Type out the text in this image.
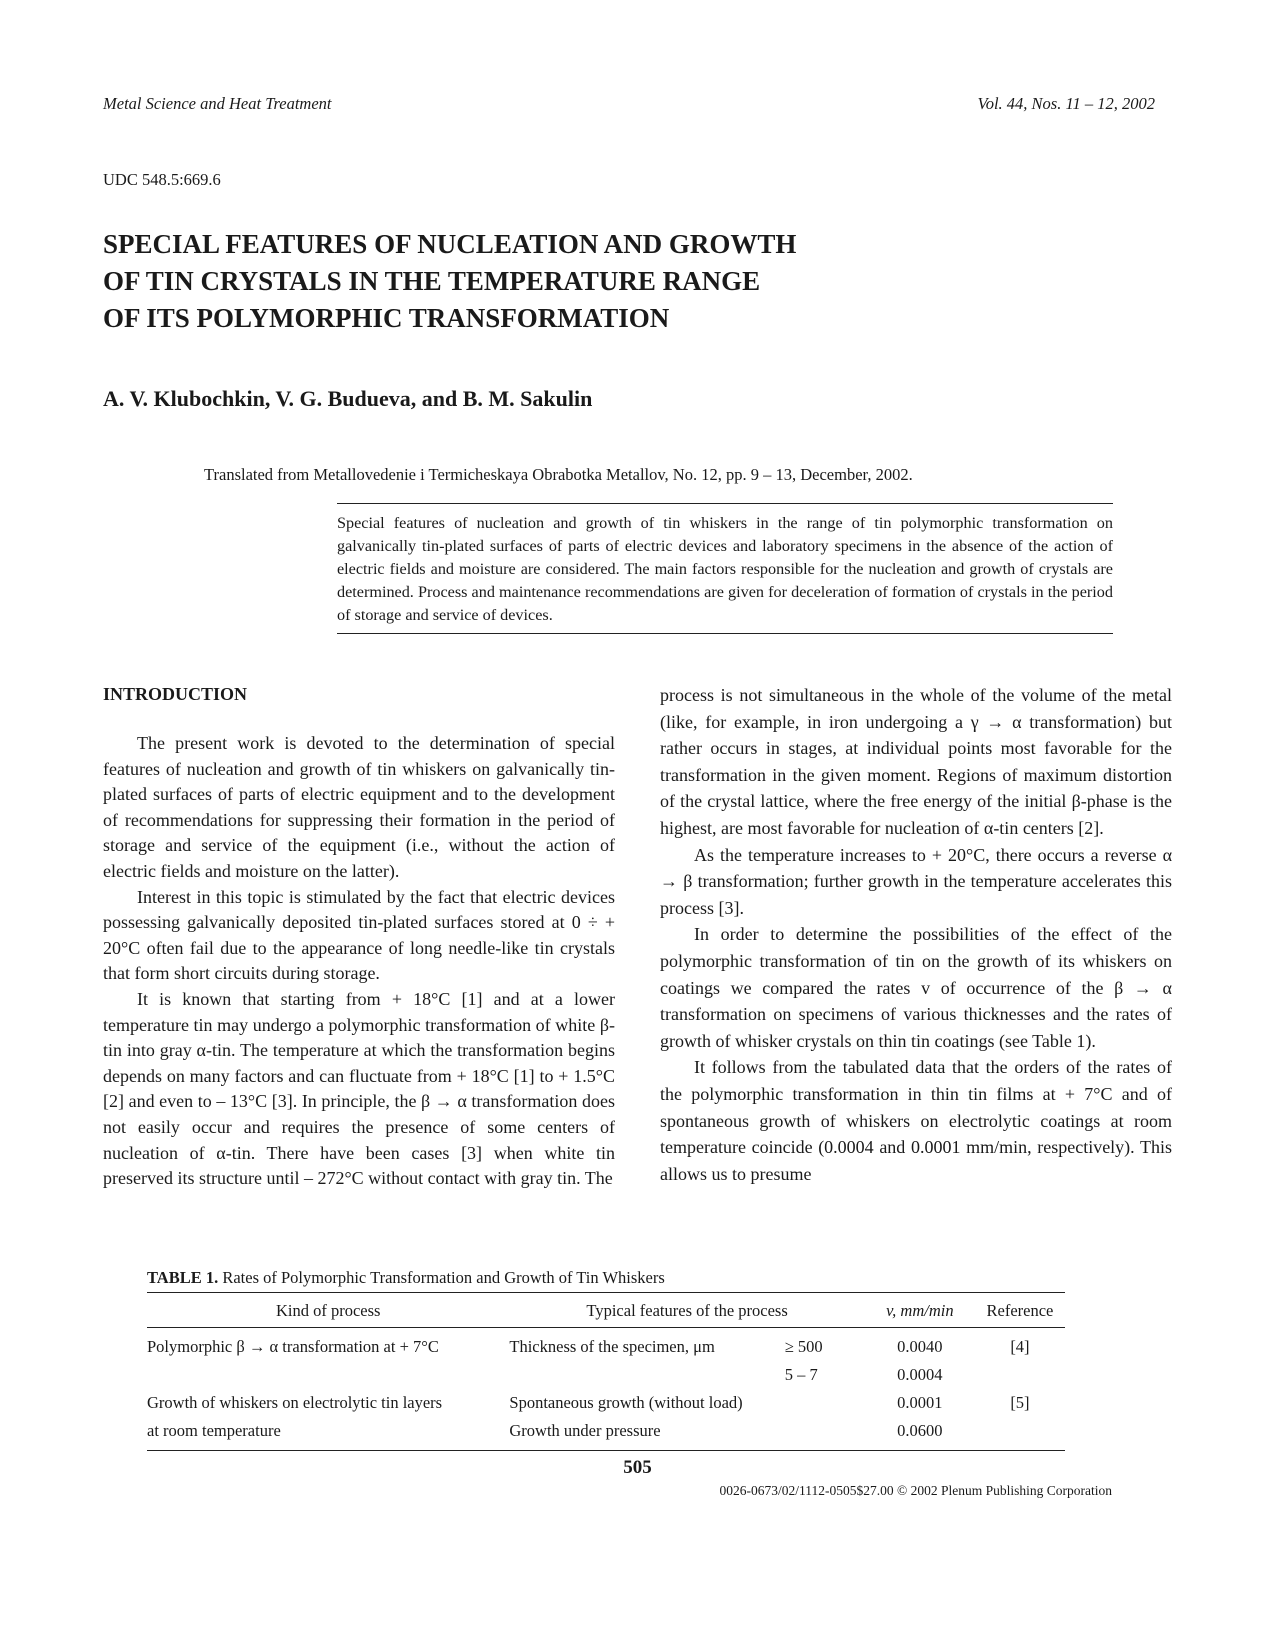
Metal Science and Heat Treatment	Vol. 44, Nos. 11 – 12, 2002
UDC 548.5:669.6
SPECIAL FEATURES OF NUCLEATION AND GROWTH
OF TIN CRYSTALS IN THE TEMPERATURE RANGE
OF ITS POLYMORPHIC TRANSFORMATION
A. V. Klubochkin, V. G. Budueva, and B. M. Sakulin
Translated from Metallovedenie i Termicheskaya Obrabotka Metallov, No. 12, pp. 9 – 13, December, 2002.
Special features of nucleation and growth of tin whiskers in the range of tin polymorphic transformation on galvanically tin-plated surfaces of parts of electric devices and laboratory specimens in the absence of the action of electric fields and moisture are considered. The main factors responsible for the nucleation and growth of crystals are determined. Process and maintenance recommendations are given for deceleration of formation of crystals in the period of storage and service of devices.
INTRODUCTION

The present work is devoted to the determination of special features of nucleation and growth of tin whiskers on galvanically tin-plated surfaces of parts of electric equipment and to the development of recommendations for suppressing their formation in the period of storage and service of the equipment (i.e., without the action of electric fields and moisture on the latter).

Interest in this topic is stimulated by the fact that electric devices possessing galvanically deposited tin-plated surfaces stored at 0 ÷ + 20°C often fail due to the appearance of long needle-like tin crystals that form short circuits during storage.

It is known that starting from + 18°C [1] and at a lower temperature tin may undergo a polymorphic transformation of white β-tin into gray α-tin. The temperature at which the transformation begins depends on many factors and can fluctuate from + 18°C [1] to + 1.5°C [2] and even to – 13°C [3]. In principle, the β → α transformation does not easily occur and requires the presence of some centers of nucleation of α-tin. There have been cases [3] when white tin preserved its structure until – 272°C without contact with gray tin. The

process is not simultaneous in the whole of the volume of the metal (like, for example, in iron undergoing a γ → α transformation) but rather occurs in stages, at individual points most favorable for the transformation in the given moment. Regions of maximum distortion of the crystal lattice, where the free energy of the initial β-phase is the highest, are most favorable for nucleation of α-tin centers [2].

As the temperature increases to + 20°C, there occurs a reverse α → β transformation; further growth in the temperature accelerates this process [3].

In order to determine the possibilities of the effect of the polymorphic transformation of tin on the growth of its whiskers on coatings we compared the rates v of occurrence of the β → α transformation on specimens of various thicknesses and the rates of growth of whisker crystals on thin tin coatings (see Table 1).

It follows from the tabulated data that the orders of the rates of the polymorphic transformation in thin tin films at + 7°C and of spontaneous growth of whiskers on electrolytic coatings at room temperature coincide (0.0004 and 0.0001 mm/min, respectively). This allows us to presume

TABLE 1. Rates of Polymorphic Transformation and Growth of Tin Whiskers
Kind of process	Typical features of the process		v, mm/min	Reference
Polymorphic β → α transformation at + 7°C	Thickness of the specimen, μm	≥ 500	0.0040	[4]
		5 – 7	0.0004	
Growth of whiskers on electrolytic tin layers	Spontaneous growth (without load)		0.0001	[5]
at room temperature	Growth under pressure		0.0600	
505
0026-0673/02/1112-0505$27.00 © 2002 Plenum Publishing Corporation
